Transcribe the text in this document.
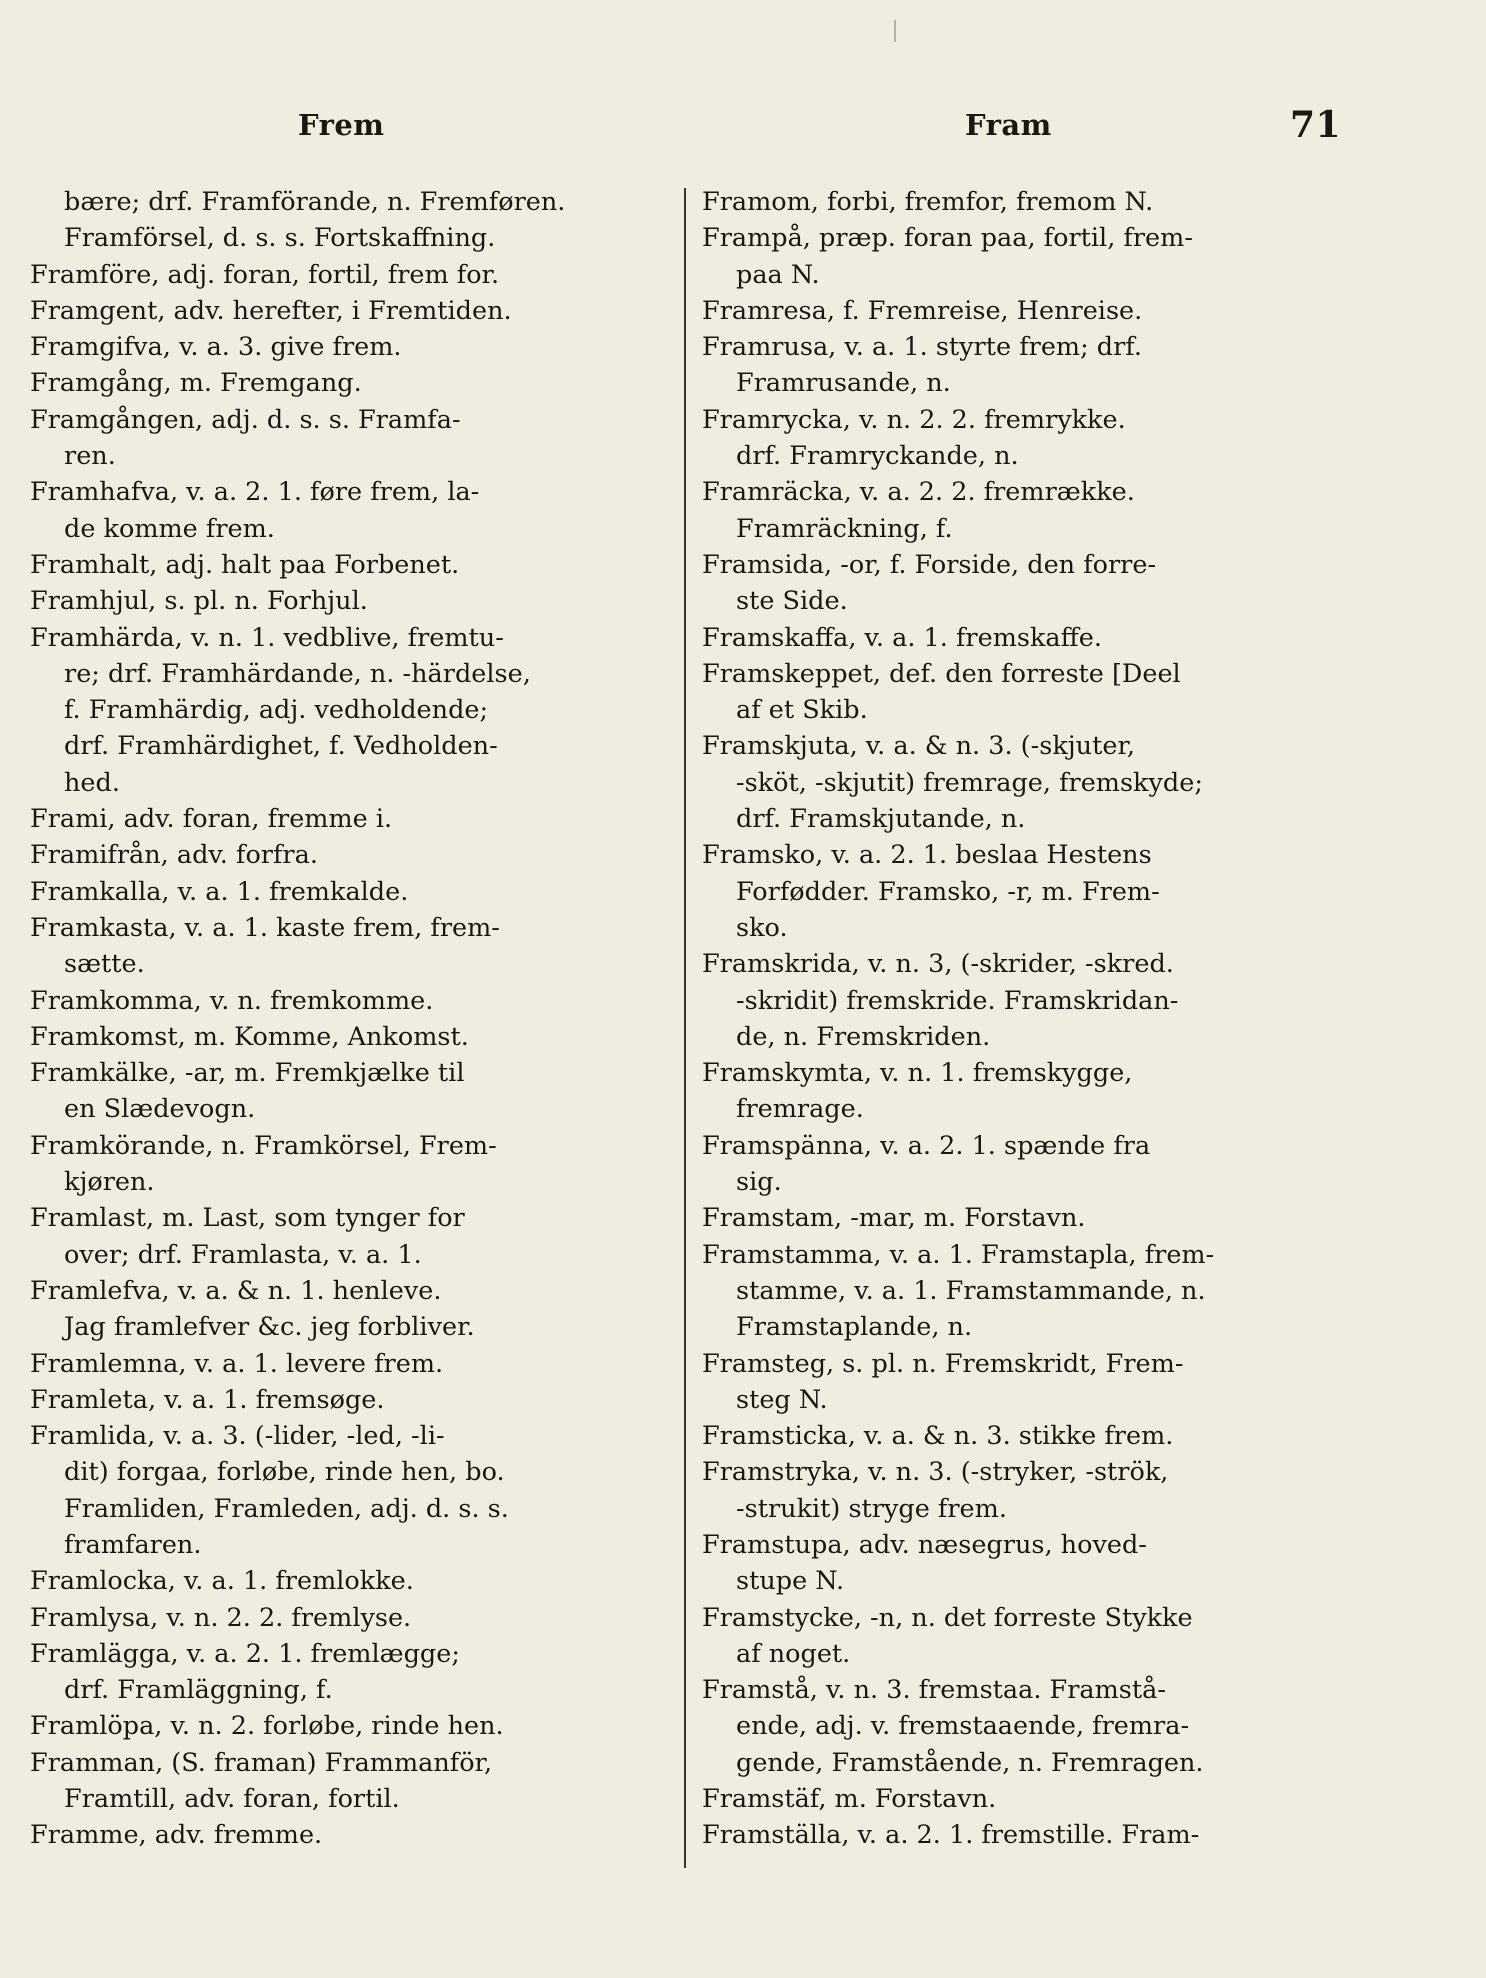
Frem	Fram	71
bære; drf. Framförande, n. Fremføren.
Framförsel, d. s. s. Fortskaffning.
Framföre, adj. foran, fortil, frem for.
Framgent, adv. herefter, i Fremtiden.
Framgifva, v. a. 3. give frem.
Framgång, m. Fremgang.
Framgången, adj. d. s. s. Framfa-
ren.
Framhafva, v. a. 2. 1. føre frem, la-
de komme frem.
Framhalt, adj. halt paa Forbenet.
Framhjul, s. pl. n. Forhjul.
Framhärda, v. n. 1. vedblive, fremtu-
re; drf. Framhärdande, n. -härdelse,
f. Framhärdig, adj. vedholdende;
drf. Framhärdighet, f. Vedholden-
hed.
Frami, adv. foran, fremme i.
Framifrån, adv. forfra.
Framkalla, v. a. 1. fremkalde.
Framkasta, v. a. 1. kaste frem, frem-
sætte.
Framkomma, v. n. fremkomme.
Framkomst, m. Komme, Ankomst.
Framkälke, -ar, m. Fremkjælke til
en Slædevogn.
Framkörande, n. Framkörsel, Frem-
kjøren.
Framlast, m. Last, som tynger for
over; drf. Framlasta, v. a. 1.
Framlefva, v. a. & n. 1. henleve.
Jag framlefver &c. jeg forbliver.
Framlemna, v. a. 1. levere frem.
Framleta, v. a. 1. fremsøge.
Framlida, v. a. 3. (-lider, -led, -li-
dit) forgaa, forløbe, rinde hen, bo.
Framliden, Framleden, adj. d. s. s.
framfaren.
Framlocka, v. a. 1. fremlokke.
Framlysa, v. n. 2. 2. fremlyse.
Framlägga, v. a. 2. 1. fremlægge;
drf. Framläggning, f.
Framlöpa, v. n. 2. forløbe, rinde hen.
Framman, (S. framan) Frammanför,
Framtill, adv. foran, fortil.
Framme, adv. fremme.
Framom, forbi, fremfor, fremom N.
Frampå, præp. foran paa, fortil, frem-
paa N.
Framresa, f. Fremreise, Henreise.
Framrusa, v. a. 1. styrte frem; drf.
Framrusande, n.
Framrycka, v. n. 2. 2. fremrykke.
drf. Framryckande, n.
Framräcka, v. a. 2. 2. fremrække.
Framräckning, f.
Framsida, -or, f. Forside, den forre-
ste Side.
Framskaffa, v. a. 1. fremskaffe.
Framskeppet, def. den forreste [Deel
af et Skib.
Framskjuta, v. a. & n. 3. (-skjuter,
-sköt, -skjutit) fremrage, fremskyde;
drf. Framskjutande, n.
Framsko, v. a. 2. 1. beslaa Hestens
Forfødder. Framsko, -r, m. Frem-
sko.
Framskrida, v. n. 3, (-skrider, -skred.
-skridit) fremskride. Framskridan-
de, n. Fremskriden.
Framskymta, v. n. 1. fremskygge,
fremrage.
Framspänna, v. a. 2. 1. spænde fra
sig.
Framstam, -mar, m. Forstavn.
Framstamma, v. a. 1. Framstapla, frem-
stamme, v. a. 1. Framstammande, n.
Framstaplande, n.
Framsteg, s. pl. n. Fremskridt, Frem-
steg N.
Framsticka, v. a. & n. 3. stikke frem.
Framstryka, v. n. 3. (-stryker, -strök,
-strukit) stryge frem.
Framstupa, adv. næsegrus, hoved-
stupe N.
Framstycke, -n, n. det forreste Stykke
af noget.
Framstå, v. n. 3. fremstaa. Framstå-
ende, adj. v. fremstaaende, fremra-
gende, Framstående, n. Fremragen.
Framstäf, m. Forstavn.
Framställa, v. a. 2. 1. fremstille. Fram-
